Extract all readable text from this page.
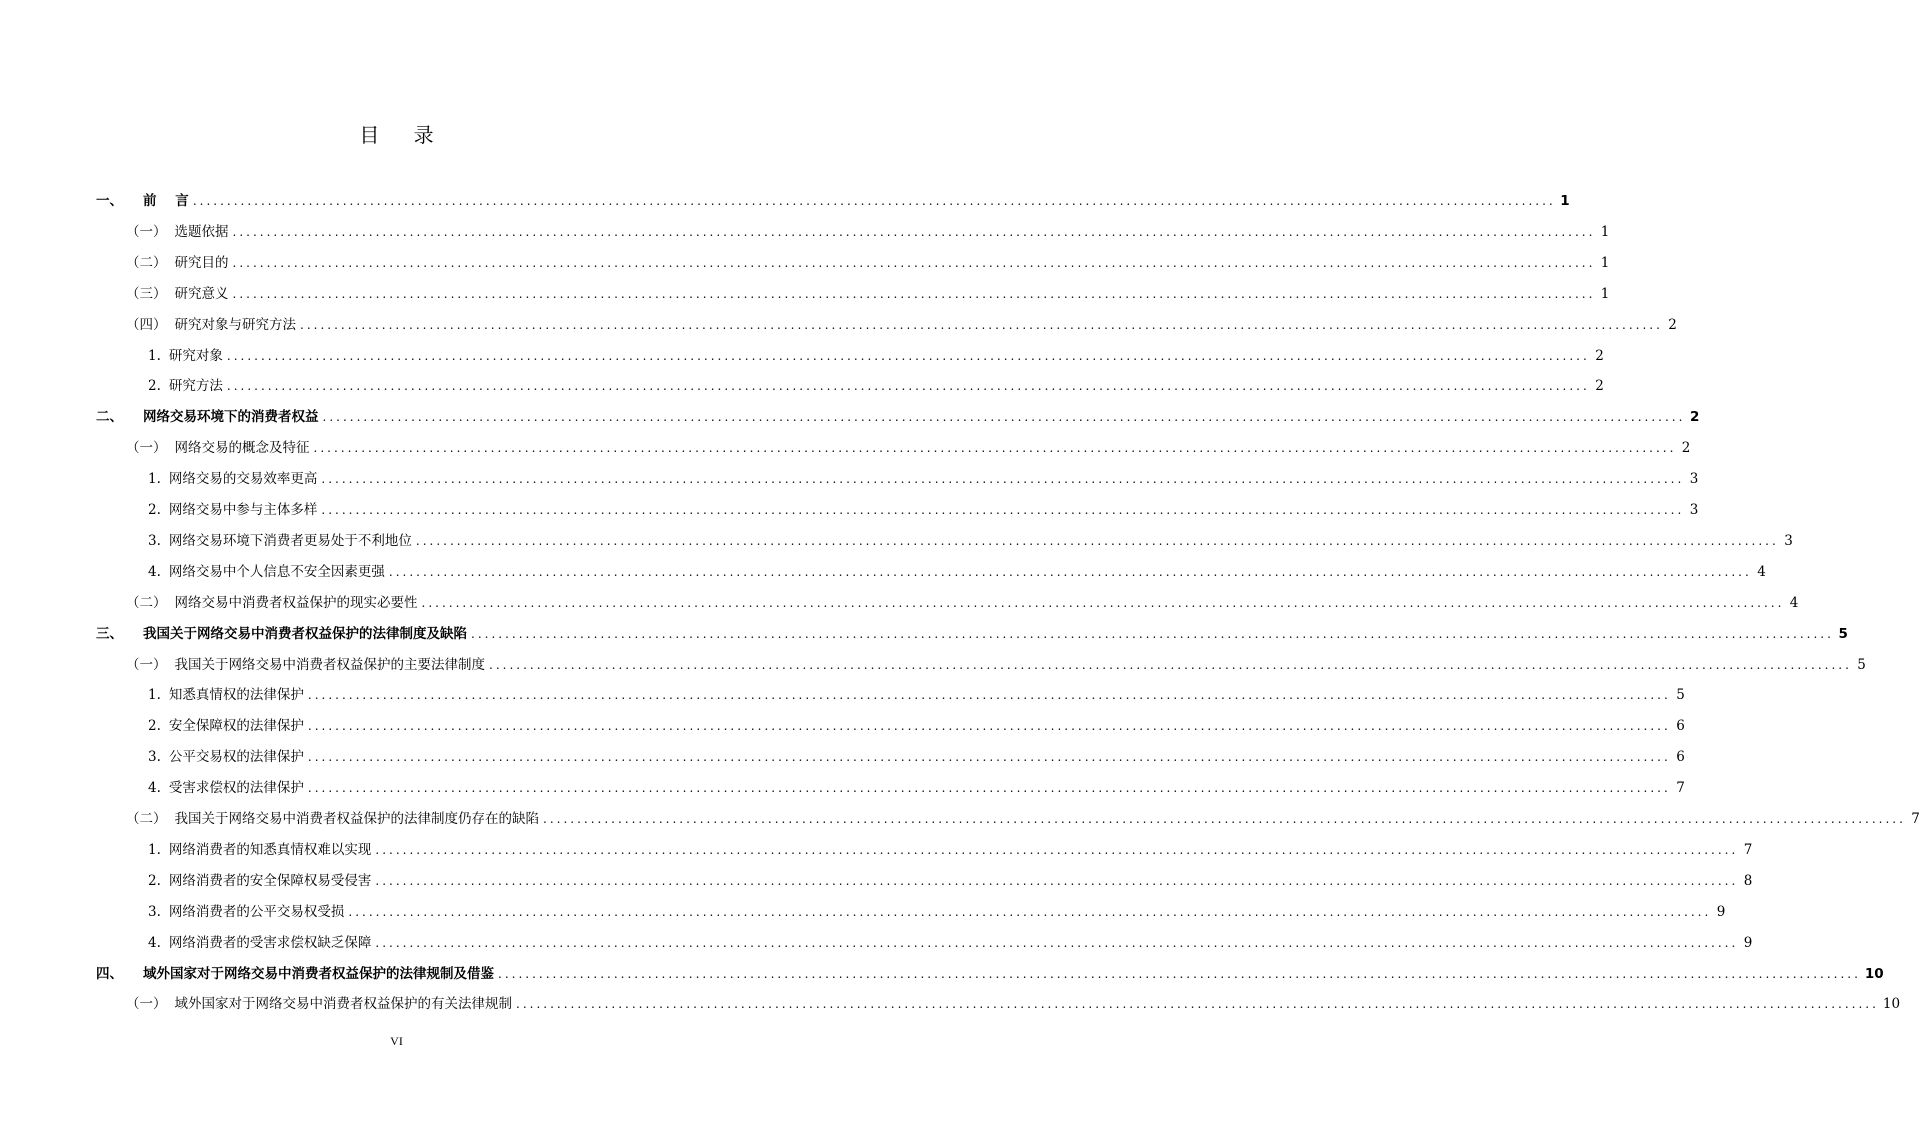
目 录
一、 前    言 ........................................................................................................................................................................................................ 1
（一） 选题依据 ........................................................................................................................................................................................................ 1
（二） 研究目的 ........................................................................................................................................................................................................ 1
（三） 研究意义 ........................................................................................................................................................................................................ 1
（四） 研究对象与研究方法 ........................................................................................................................................................................................................ 2
1. 研究对象 ........................................................................................................................................................................................................ 2
2. 研究方法 ........................................................................................................................................................................................................ 2
二、 网络交易环境下的消费者权益 ........................................................................................................................................................................................................ 2
（一） 网络交易的概念及特征 ........................................................................................................................................................................................................ 2
1. 网络交易的交易效率更高 ........................................................................................................................................................................................................ 3
2. 网络交易中参与主体多样 ........................................................................................................................................................................................................ 3
3. 网络交易环境下消费者更易处于不利地位 ........................................................................................................................................................................................................ 3
4. 网络交易中个人信息不安全因素更强 ........................................................................................................................................................................................................ 4
（二） 网络交易中消费者权益保护的现实必要性 ........................................................................................................................................................................................................ 4
三、 我国关于网络交易中消费者权益保护的法律制度及缺陷 ........................................................................................................................................................................................................ 5
（一） 我国关于网络交易中消费者权益保护的主要法律制度 ........................................................................................................................................................................................................ 5
1. 知悉真情权的法律保护 ........................................................................................................................................................................................................ 5
2. 安全保障权的法律保护 ........................................................................................................................................................................................................ 6
3. 公平交易权的法律保护 ........................................................................................................................................................................................................ 6
4. 受害求偿权的法律保护 ........................................................................................................................................................................................................ 7
（二） 我国关于网络交易中消费者权益保护的法律制度仍存在的缺陷 ........................................................................................................................................................................................................ 7
1. 网络消费者的知悉真情权难以实现 ........................................................................................................................................................................................................ 7
2. 网络消费者的安全保障权易受侵害 ........................................................................................................................................................................................................ 8
3. 网络消费者的公平交易权受损 ........................................................................................................................................................................................................ 9
4. 网络消费者的受害求偿权缺乏保障 ........................................................................................................................................................................................................ 9
四、 域外国家对于网络交易中消费者权益保护的法律规制及借鉴 ........................................................................................................................................................................................................ 10
（一） 域外国家对于网络交易中消费者权益保护的有关法律规制 ........................................................................................................................................................................................................ 10
VI
